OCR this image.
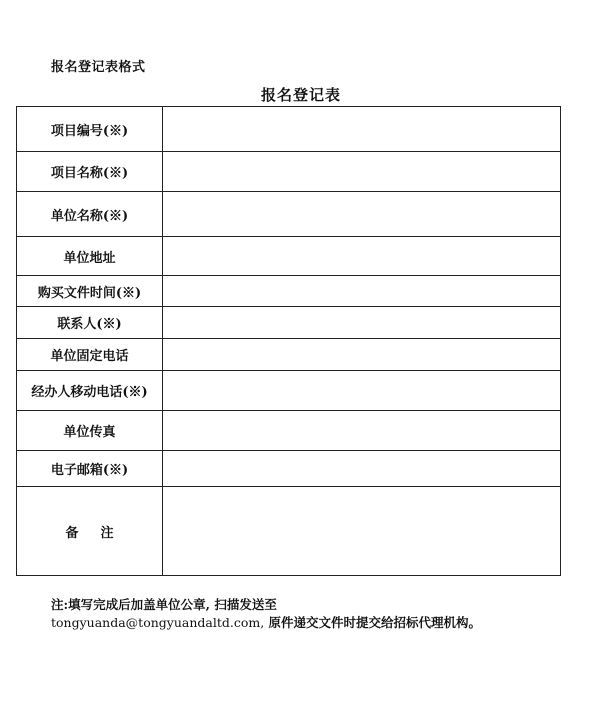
报名登记表格式
报名登记表
项目编号(※)	
项目名称(※)	
单位名称(※)	
单位地址	
购买文件时间(※)	
联系人(※)	
单位固定电话	
经办人移动电话(※)	
单位传真	
电子邮箱(※)	
备 注	
注:填写完成后加盖单位公章, 扫描发送至
tongyuanda@tongyuandaltd.com, 原件递交文件时提交给招标代理机构。
